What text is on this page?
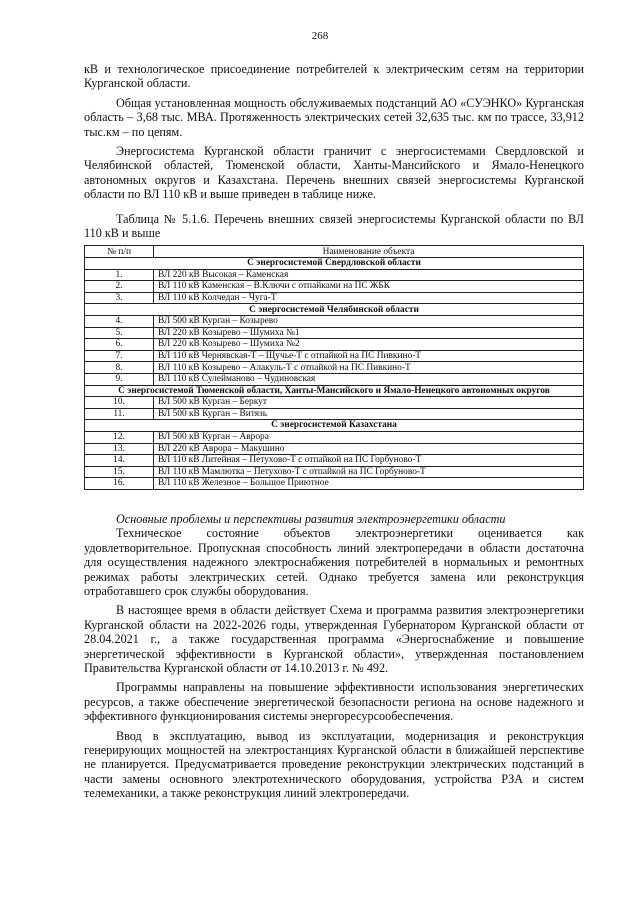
268

кВ и технологическое присоединение потребителей к электрическим сетям на территории Курганской области.

Общая установленная мощность обслуживаемых подстанций АО «СУЭНКО» Курганская область – 3,68 тыс. МВА. Протяженность электрических сетей 32,635 тыс. км по трассе, 33,912 тыс.км – по цепям.

Энергосистема Курганской области граничит с энергосистемами Свердловской и Челябинской областей, Тюменской области, Ханты-Мансийского и Ямало-Ненецкого автономных округов и Казахстана. Перечень внешних связей энергосистемы Курганской области по ВЛ 110 кВ и выше приведен в таблице ниже.

Таблица № 5.1.6. Перечень внешних связей энергосистемы Курганской области по ВЛ 110 кВ и выше

№ п/п	Наименование объекта
С энергосистемой Свердловской области	
1.	ВЛ 220 кВ Высокая – Каменская
2.	ВЛ 110 кВ Каменская – В.Ключи с отпайками на ПС ЖБК
3.	ВЛ 110 кВ Колчедан – Чуга-Т
С энергосистемой Челябинской области	
4.	ВЛ 500 кВ Курган – Козырево
5.	ВЛ 220 кВ Козырево – Шумиха №1
6.	ВЛ 220 кВ Козырево – Шумиха №2
7.	ВЛ 110 кВ Чернявская-Т – Щучье-Т с отпайкой на ПС Пивкино-Т
8.	ВЛ 110 кВ Козырево – Алакуль-Т с отпайкой на ПС Пивкино-Т
9.	ВЛ 110 кВ Сулейманово – Чудиновская
С энергосистемой Тюменской области, Ханты-Мансийского и Ямало-Ненецкого автономных округов	
10.	ВЛ 500 кВ Курган – Беркут
11.	ВЛ 500 кВ Курган – Витязь
С энергосистемой Казахстана	
12.	ВЛ 500 кВ Курган – Аврора
13.	ВЛ 220 кВ Аврора – Макушино
14.	ВЛ 110 кВ Литейная – Петухово-Т с отпайкой на ПС Горбуново-Т
15.	ВЛ 110 кВ Мамлютка – Петухово-Т с отпайкой на ПС Горбуново-Т
16.	ВЛ 110 кВ Железное – Большое Приютное

Основные проблемы и перспективы развития электроэнергетики области

Техническое состояние объектов электроэнергетики оценивается как удовлетворительное. Пропускная способность линий электропередачи в области достаточна для осуществления надежного электроснабжения потребителей в нормальных и ремонтных режимах работы электрических сетей. Однако требуется замена или реконструкция отработавшего срок службы оборудования.

В настоящее время в области действует Схема и программа развития электроэнергетики Курганской области на 2022-2026 годы, утвержденная Губернатором Курганской области от 28.04.2021 г., а также государственная программа «Энергоснабжение и повышение энергетической эффективности в Курганской области», утвержденная постановлением Правительства Курганской области от 14.10.2013 г. № 492.

Программы направлены на повышение эффективности использования энергетических ресурсов, а также обеспечение энергетической безопасности региона на основе надежного и эффективного функционирования системы энергоресурсообеспечения.

Ввод в эксплуатацию, вывод из эксплуатации, модернизация и реконструкция генерирующих мощностей на электростанциях Курганской области в ближайшей перспективе не планируется. Предусматривается проведение реконструкции электрических подстанций в части замены основного электротехнического оборудования, устройства РЗА и систем телемеханики, а также реконструкция линий электропередачи.
